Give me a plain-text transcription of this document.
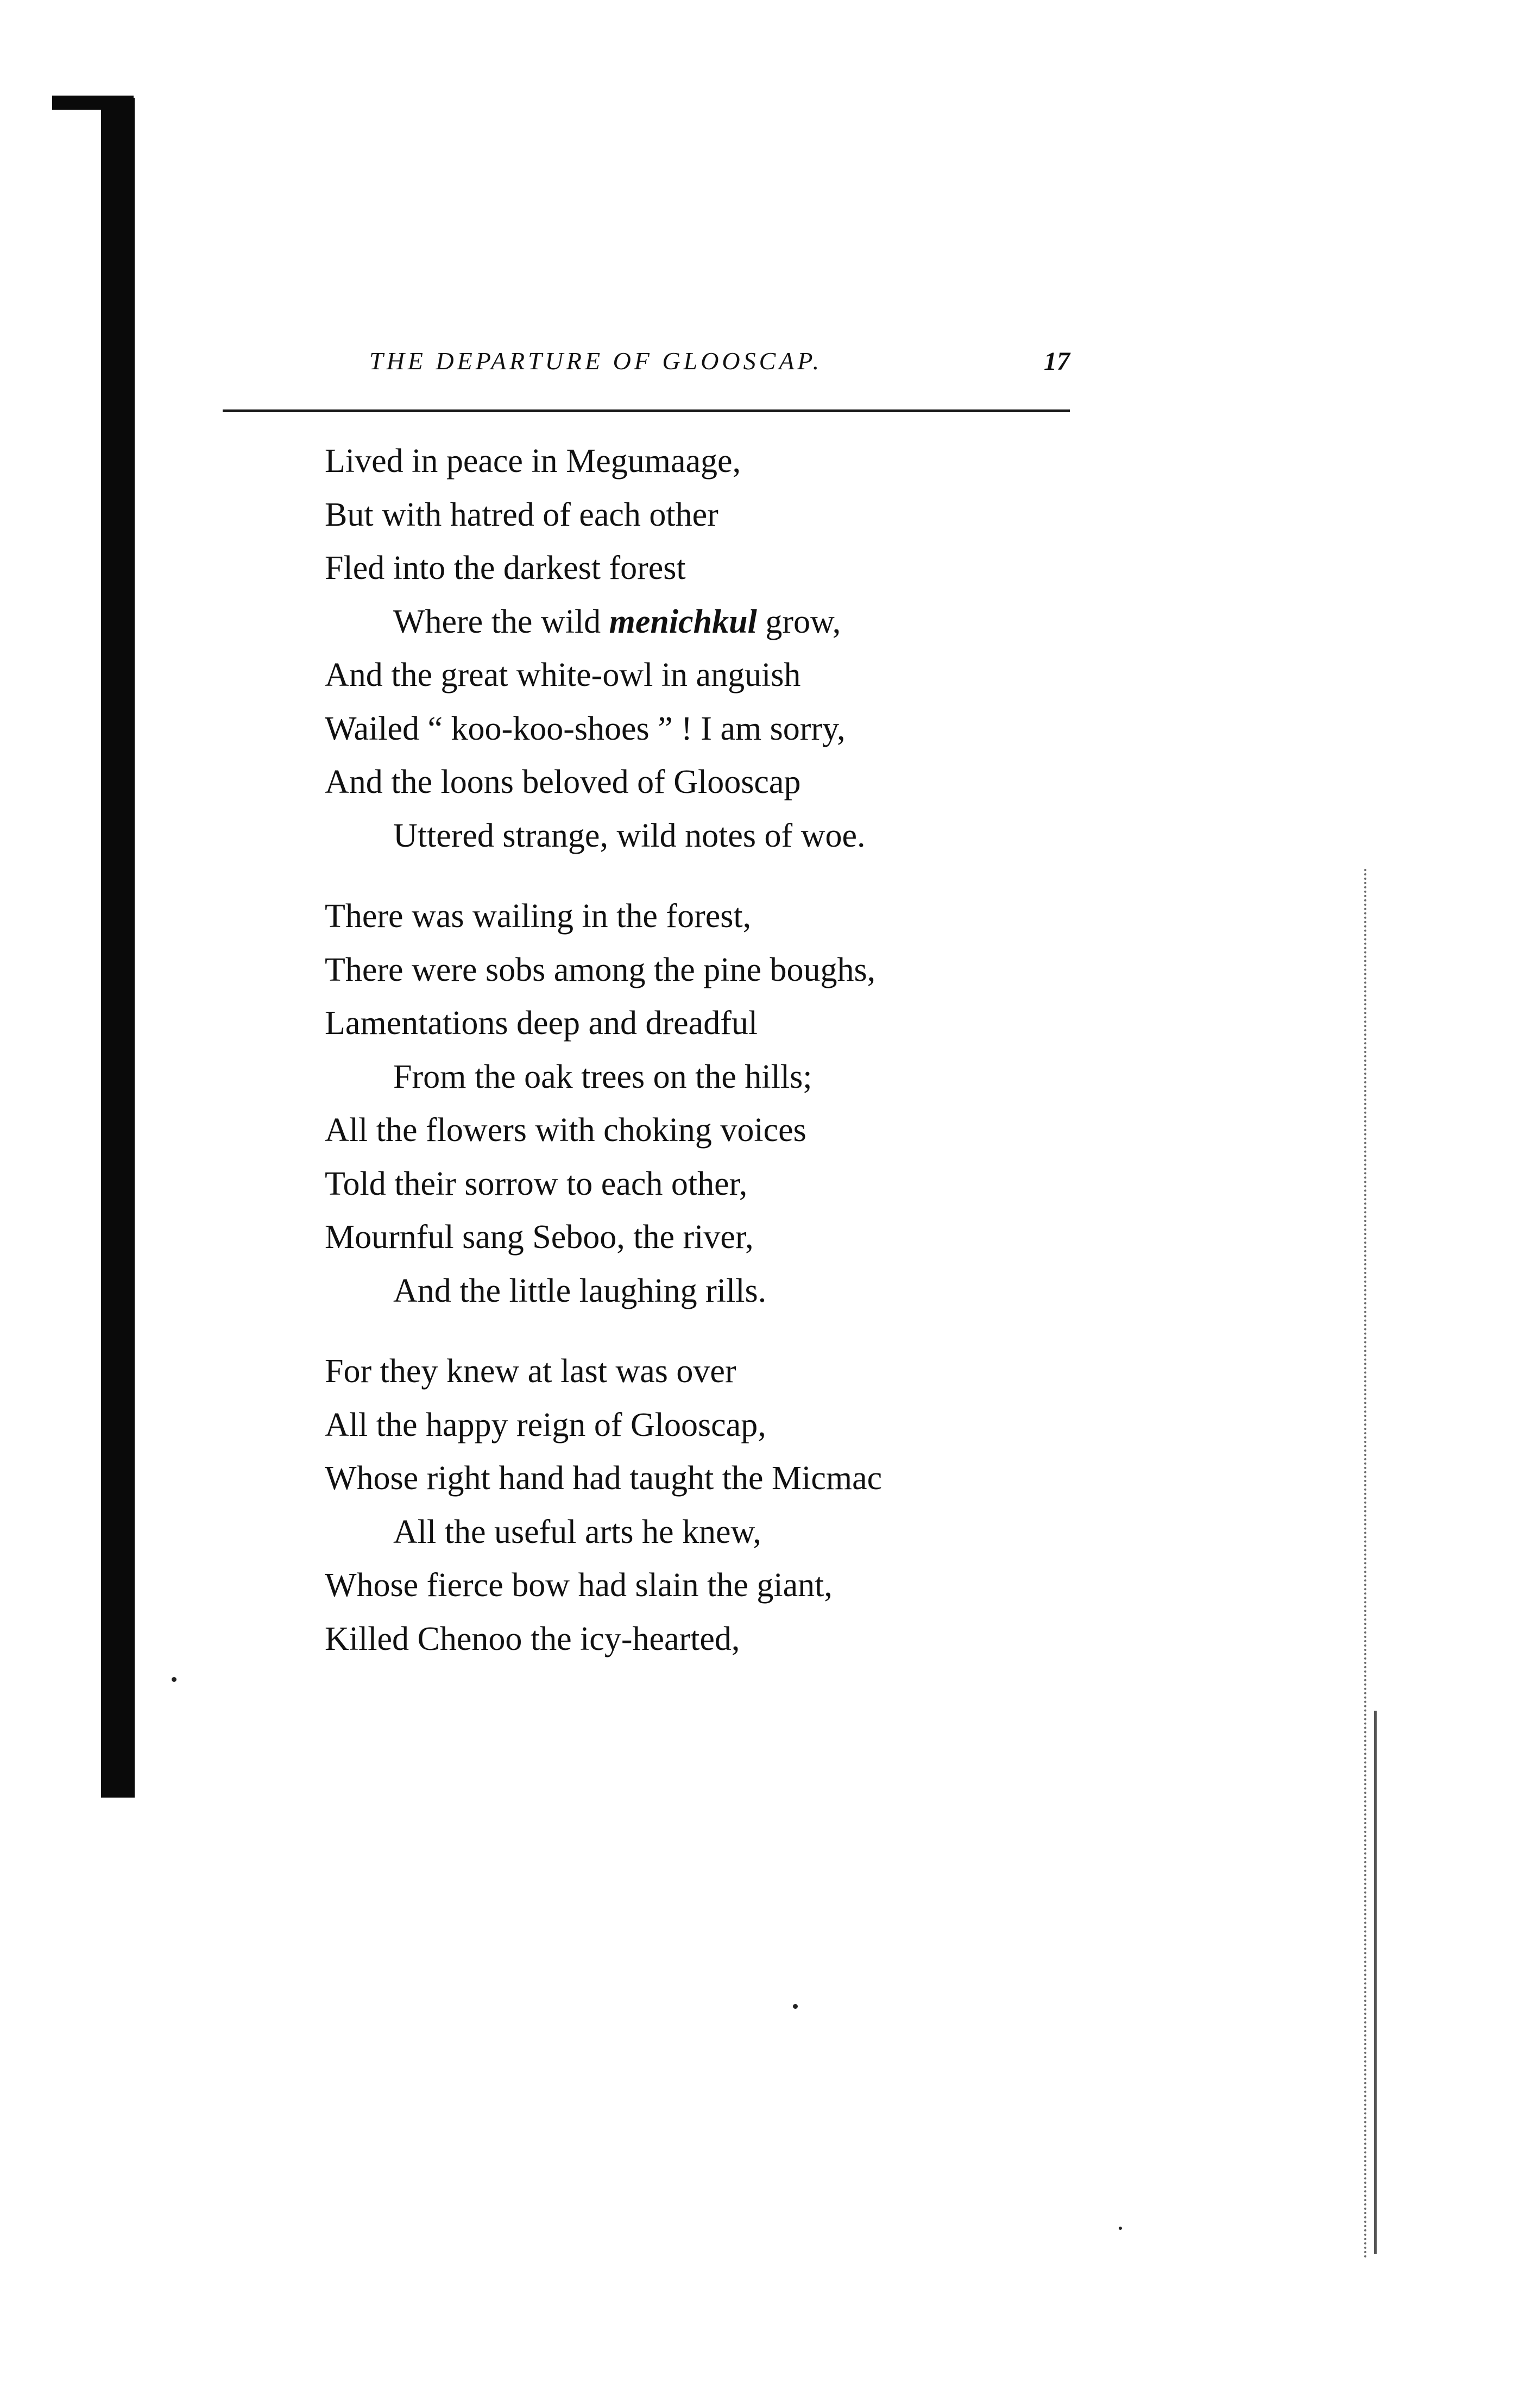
THE DEPARTURE OF GLOOSCAP.	17
Lived in peace in Megumaage,
But with hatred of each other
Fled into the darkest forest
Where the wild menichkul grow,
And the great white-owl in anguish
Wailed “ koo-koo-shoes ” ! I am sorry,
And the loons beloved of Glooscap
Uttered strange, wild notes of woe.
There was wailing in the forest,
There were sobs among the pine boughs,
Lamentations deep and dreadful
From the oak trees on the hills;
All the flowers with choking voices
Told their sorrow to each other,
Mournful sang Seboo, the river,
And the little laughing rills.
For they knew at last was over
All the happy reign of Glooscap,
Whose right hand had taught the Micmac
All the useful arts he knew,
Whose fierce bow had slain the giant,
Killed Chenoo the icy-hearted,
